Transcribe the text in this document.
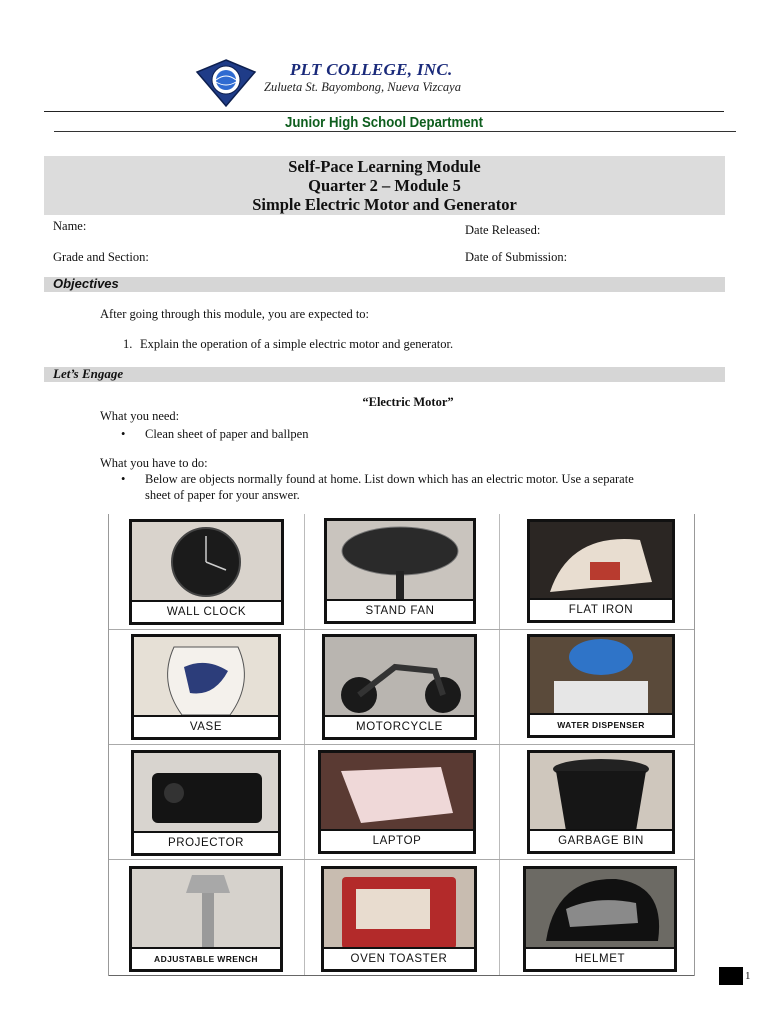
PLT COLLEGE, INC.
Zulueta St. Bayombong, Nueva Vizcaya
Junior High School Department
Self-Pace Learning Module
Quarter 2 – Module 5
Simple Electric Motor and Generator
Name:	Date Released:
Grade and Section:	Date of Submission:
Objectives
After going through this module, you are expected to:
1. Explain the operation of a simple electric motor and generator.
Let’s Engage
“Electric Motor”
What you need:
• Clean sheet of paper and ballpen
What you have to do:
• Below are objects normally found at home. List down which has an electric motor. Use a separate
sheet of paper for your answer.
WALL CLOCK	STAND FAN	FLAT IRON
VASE	MOTORCYCLE	WATER DISPENSER
PROJECTOR	LAPTOP	GARBAGE BIN
ADJUSTABLE WRENCH	OVEN TOASTER	HELMET
1
